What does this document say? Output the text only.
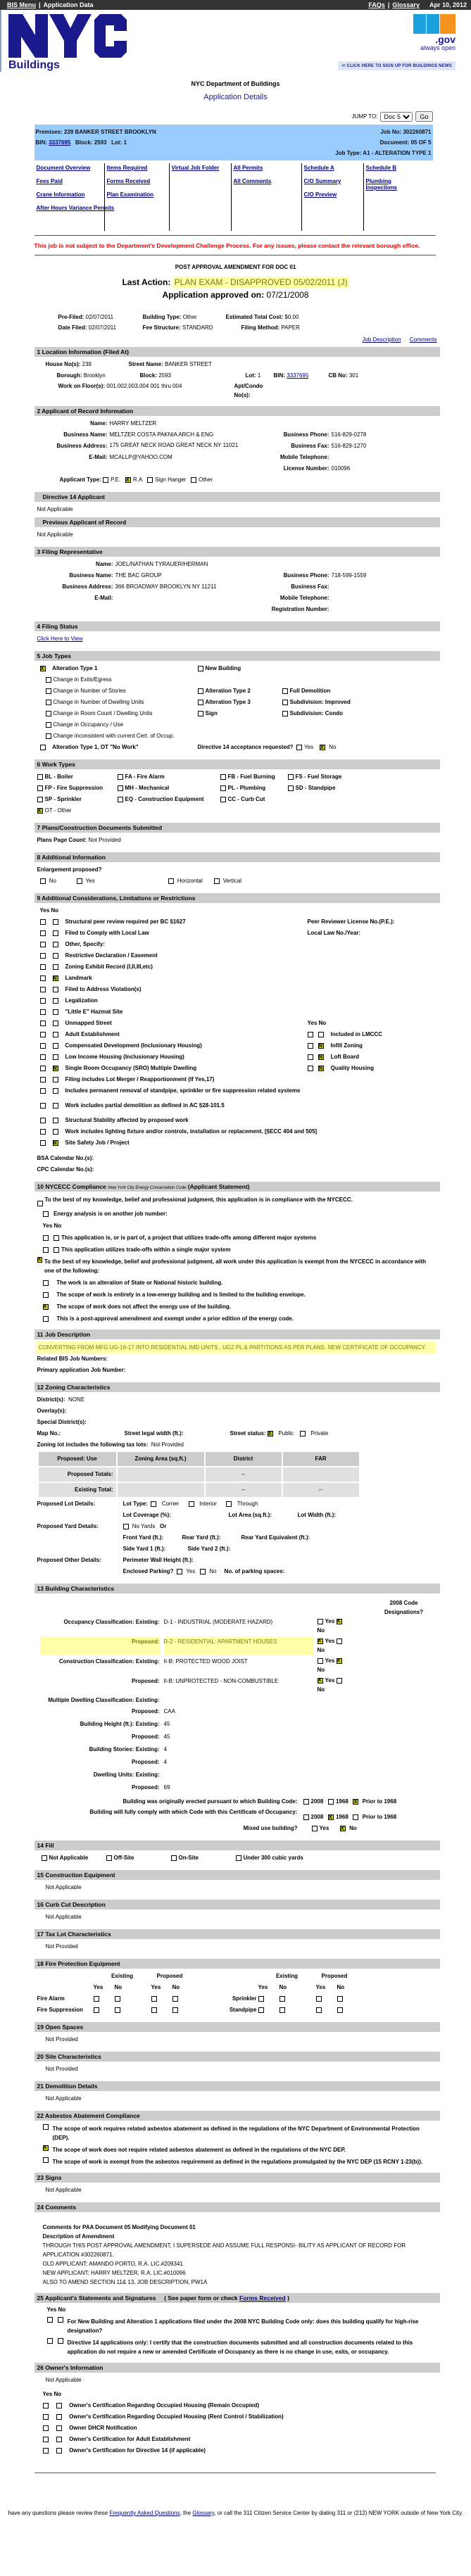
BIS Menu | Application Data	FAQs | Glossary Apr 10, 2012
Buildings
.gov
always open
✉ CLICK HERE TO SIGN UP FOR BUILDINGS NEWS
NYC Department of Buildings
Application Details
JUMP TO:
Doc 5	Go
Premises: 239 BANKER STREET BROOKLYN	Job No: 302260871
BIN: 3337695 Block: 2593 Lot: 1	Document: 05 OF 5
Job Type: A1 - ALTERATION TYPE 1
Document Overview
Fees Paid
Crane Information
After Hours Variance Permits
Items Required
Forms Received
Plan Examination
Virtual Job Folder	All Permits
All Comments
Schedule A
C/O Summary
C/O Preview
Schedule B
Plumbing Inspections
This job is not subject to the Department's Development Challenge Process. For any issues, please contact the relevant borough office.
POST APPROVAL AMENDMENT FOR DOC 01
Last Action: PLAN EXAM - DISAPPROVED 05/02/2011 (J)
Application approved on: 07/21/2008
Pre-Filed: 02/07/2011	Building Type: Other	Estimated Total Cost: $0.00
Date Filed: 02/07/2011	Fee Structure: STANDARD	Filing Method: PAPER
Job Description Comments
1 Location Information (Filed At)
House No(s): 239	Street Name: BANKER STREET
Borough: Brooklyn	Block: 2593	Lot: 1	BIN: 3337695	CB No: 301
Work on Floor(s): 001,002,003,004 001 thru 004	Apt/Condo No(s):
2 Applicant of Record Information
Name: HARRY MELTZER
Business Name: MELTZER COSTA PAKNIA ARCH & ENG	Business Phone: 516-829-0278
Business Address: 175 GREAT NECK ROAD GREAT NECK NY 11021	Business Fax: 516-829-1270
E-Mail: MCALLP@YAHOO.COM	Mobile Telephone:
License Number: 010096
Applicant Type: P.E. X R.A Sign Hanger Other
Directive 14 Applicant
Not Applicable
Previous Applicant of Record
Not Applicable
3 Filing Representative
Name: JOEL/NATHAN TYRAUER/HERMAN
Business Name: THE BAC GROUP	Business Phone: 718-599-1559
Business Address: 366 BROADWAY BROOKLYN NY 11211	Business Fax:
E-Mail:	Mobile Telephone:
Registration Number:
4 Filing Status
Click Here to View
5 Job Types
X   Alteration Type 1	New Building
Change in Exits/Egress
Change in Number of Stories	Alteration Type 2	Full Demolition
Change in Number of Dwelling Units	Alteration Type 3	Subdivision: Improved
Change in Room Count / Dwelling Units	Sign	Subdivision: Condo
Change in Occupancy / Use
Change inconsistent with current Cert. of Occup.
Alteration Type 1, OT "No Work"	Directive 14 acceptance requested? Yes X	No
6 Work Types
BL - Boiler	FA - Fire Alarm	FB - Fuel Burning	FS - Fuel Storage
FP - Fire Suppression	MH - Mechanical	PL - Plumbing	SD - Standpipe
SP - Sprinkler	EQ - Construction Equipment	CC - Curb Cut
XOT - Other
7 Plans/Construction Documents Submitted
Plans Page Count: Not Provided
8 Additional Information
Enlargement proposed?
No	Yes	Horizontal	Vertical
9 Additional Considerations, Limitations or Restrictions
Yes No
Structural peer review required per BC §1627	Peer Reviewer License No.(P.E.):
Filed to Comply with Local Law	Local Law No./Year:
Other, Specify:
Restrictive Declaration / Easement
Zoning Exhibit Record (I,II,III,etc)
N
Landmark
Filed to Address Violation(s)
Legalization
"Little E" Hazmat Site
Unmapped Street	Yes No
Adult Establishment	Included in LMCCC
Compensated Development (Inclusionary Housing) N	Infill Zoning
Low Income Housing (Inclusionary Housing) N	Loft Board
N
Single Room Occupancy (SRO) Multiple Dwelling N	Quality Housing
Filing includes Lot Merger / Reapportionment (If Yes,17)
Includes permanent removal of standpipe, sprinkler or fire suppression related systems
Work includes partial demolition as defined in AC §28-101.5
Structural Stability affected by proposed work
Work includes lighting fixture and/or controls, installation or replacement. [§ECC 404 and 505]
N
Site Safety Job / Project
BSA Calendar No.(s):
CPC Calendar No.(s):
10 NYCECC Compliance New York City Energy Conservation Code (Applicant Statement)
To the best of my knowledge, belief and professional judgment, this application is in compliance with the NYCECC.
Energy analysis is on another job number:
Yes No
This application is, or is part of, a project that utilizes trade-offs among different major systems
This application utilizes trade-offs within a single major system
X
To the best of my knowledge, belief and professional judgment, all work under this application is exempt from the NYCECC in accordance with one of the following:
The work is an alteration of State or National historic building.
The scope of work is entirely in a low-energy building and is limited to the building envelope.
X    The scope of work does not affect the energy use of the building.
This is a post-approval amendment and exempt under a prior edition of the energy code.
11 Job Description
CONVERTING FROM MFG UG-16-17 INTO RESIDENTIAL IMD UNITS , UG2 PL & PARTITIONS AS PER PLANS. NEW CERTIFICATE OF OCCUPANCY.
Related BIS Job Numbers:
Primary application Job Number:
12 Zoning Characteristics
District(s): NONE
Overlay(s):
Special District(s):
Map No.:	Street legal width (ft.):	Street status: X Public	Private
Zoning lot includes the following tax lots: Not Provided
Proposed: Use	Zoning Area (sq.ft.)	District	FAR
Proposed Totals:		--	
Existing Total:		--	--
Proposed Lot Details:	Lot Type: Corner	Interior	Through
Lot Coverage (%):	Lot Area (sq.ft.):	Lot Width (ft.):
Proposed Yard Details:	No Yards Or
Front Yard (ft.):	Rear Yard (ft.):	Rear Yard Equivalent (ft.):
Side Yard 1 (ft.):	Side Yard 2 (ft.):
Proposed Other Details:	Perimeter Wall Height (ft.):
Enclosed Parking? Yes No No. of parking spaces:
13 Building Characteristics
2008 Code Designations?
Occupancy Classification: Existing: D-1 - INDUSTRIAL (MODERATE HAZARD)	Yes X
No
Proposed: R-2 - RESIDENTIAL: APARTMENT HOUSES X	Yes
No
Construction Classification: Existing: II-B: PROTECTED WOOD JOIST	Yes X
No
Proposed: II-B: UNPROTECTED - NON-COMBUSTIBLE X	Yes
No
Multiple Dwelling Classification: Existing:
Proposed: CAA
Building Height (ft.): Existing: 45
Proposed: 45
Building Stories: Existing: 4
Proposed: 4
Dwelling Units: Existing:
Proposed: 69
Building was originally erected pursuant to which Building Code:	2008 1968 X Prior to 1968
Building will fully comply with which Code with this Certificate of Occupancy:
2008 X 1968 Prior to 1968
Mixed use building?	Yes X	No
14 Fill
Not Applicable	Off-Site	On-Site	Under 300 cubic yards
15 Construction Equipment
Not Applicable
16 Curb Cut Description
Not Applicable
17 Tax Lot Characteristics
Not Provided
18 Fire Protection Equipment
Existing	Proposed	Existing	Proposed
Yes	No	Yes	No	Yes	No	Yes	No
Fire Alarm	Sprinkler
Fire Suppression	Standpipe
19 Open Spaces
Not Provided
20 Site Characteristics
Not Provided
21 Demolition Details
Not Applicable
22 Asbestos Abatement Compliance
The scope of work requires related asbestos abatement as defined in the regulations of the NYC Department of Environmental Protection (DEP).
X
The scope of work does not require related asbestos abatement as defined in the regulations of the NYC DEP.
The scope of work is exempt from the asbestos requirement as defined in the regulations promulgated by the NYC DEP (15 RCNY 1-23(b)).
23 Signs
Not Applicable
24 Comments
Comments for PAA Document 05 Modifying Document 01
Description of Amendment
THROUGH THIS POST APPROVAL AMENDMENT, I SUPERSEDE AND ASSUME FULL RESPONSI- BILITY AS APPLICANT OF RECORD FOR APPLICATION #302260871.
OLD APPLICANT: AMANDO PORTO, R.A. LIC.#209341
NEW APPLICANT: HARRY MELTZER, R.A. LIC.#010096
ALSO TO AMEND SECTION 11& 13, JOB DESCRIPTION, PW1A
25 Applicant's Statements and Signatures ( See paper form or check Forms Received )
Yes No
For New Building and Alteration 1 applications filed under the 2008 NYC Building Code only: does this building qualify for high-rise designation?
Directive 14 applications only: I certify that the construction documents submitted and all construction documents related to this application do not require a new or amended Certificate of Occupancy as there is no change in use, exits, or occupancy.
26 Owner's Information
Not Applicable
Yes No
Owner's Certification Regarding Occupied Housing (Remain Occupied)
Owner's Certification Regarding Occupied Housing (Rent Control / Stabilization)
Owner DHCR Notification
Owner's Certification for Adult Establishment
Owner's Certification for Directive 14 (if applicable)
have any questions please review these Frequently Asked Questions, the Glossary, or call the 311 Citizen Service Center by dialing 311 or (212) NEW YORK outside of New York City.
